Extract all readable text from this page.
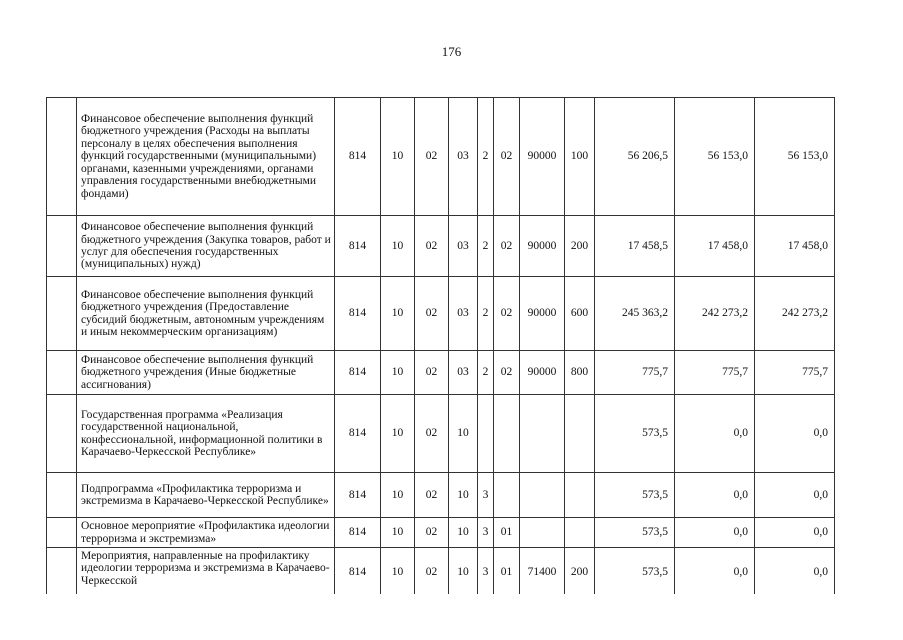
176
	Финансовое обеспечение выполнения функций бюджетного учреждения (Расходы на выплаты персоналу в целях обеспечения выполнения функций государственными (муниципальными) органами, казенными учреждениями, органами управления государственными внебюджетными фондами)	814	10	02	03	2	02	90000	100	56 206,5	56 153,0	56 153,0
	Финансовое обеспечение выполнения функций бюджетного учреждения (Закупка товаров, работ и услуг для обеспечения государственных (муниципальных) нужд)	814	10	02	03	2	02	90000	200	17 458,5	17 458,0	17 458,0
	Финансовое обеспечение выполнения функций бюджетного учреждения (Предоставление субсидий бюджетным, автономным учреждениям и иным некоммерческим организациям)	814	10	02	03	2	02	90000	600	245 363,2	242 273,2	242 273,2
	Финансовое обеспечение выполнения функций бюджетного учреждения (Иные бюджетные ассигнования)	814	10	02	03	2	02	90000	800	775,7	775,7	775,7
	Государственная программа «Реализация государственной национальной, конфессиональной, информационной политики в Карачаево-Черкесской Республике»	814	10	02	10					573,5	0,0	0,0
	Подпрограмма «Профилактика терроризма и экстремизма в Карачаево-Черкесской Республике»	814	10	02	10	3				573,5	0,0	0,0
	Основное мероприятие «Профилактика идеологии терроризма и экстремизма»	814	10	02	10	3	01			573,5	0,0	0,0
	Мероприятия, направленные на профилактику идеологии терроризма и экстремизма в Карачаево-Черкесской	814	10	02	10	3	01	71400	200	573,5	0,0	0,0
